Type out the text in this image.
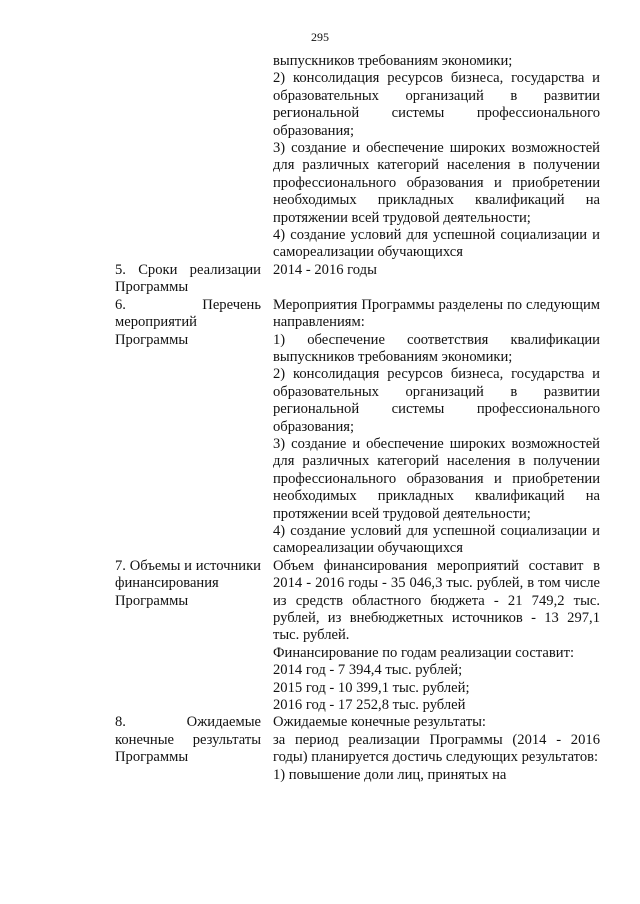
295

выпускников требованиям экономики;

2) консолидация ресурсов бизнеса, государства и образовательных организаций в развитии региональной системы профессионального образования;

3) создание и обеспечение широких возможностей для различных категорий населения в получении профессионального образования и приобретении необходимых прикладных квалификаций на протяжении всей трудовой деятельности;

4) создание условий для успешной социализации и самореализации обучающихся

5. Сроки реализации Программы

2014 - 2016 годы

6. Перечень мероприятий Программы

Мероприятия Программы разделены по следующим направлениям:

1) обеспечение соответствия квалификации выпускников требованиям экономики;

2) консолидация ресурсов бизнеса, государства и образовательных организаций в развитии региональной системы профессионального образования;

3) создание и обеспечение широких возможностей для различных категорий населения в получении профессионального образования и приобретении необходимых прикладных квалификаций на протяжении всей трудовой деятельности;

4) создание условий для успешной социализации и самореализации обучающихся

7. Объемы и источники финансирования Программы

Объем финансирования мероприятий составит в 2014 - 2016 годы - 35 046,3 тыс. рублей, в том числе из средств областного бюджета - 21 749,2 тыс. рублей, из внебюджетных источников - 13 297,1 тыс. рублей.

Финансирование по годам реализации составит:

2014 год - 7 394,4 тыс. рублей;

2015 год - 10 399,1 тыс. рублей;

2016 год - 17 252,8 тыс. рублей

8. Ожидаемые конечные результаты Программы

Ожидаемые конечные результаты:

за период реализации Программы (2014 - 2016 годы) планируется достичь следующих результатов:

1) повышение доли лиц, принятых на
